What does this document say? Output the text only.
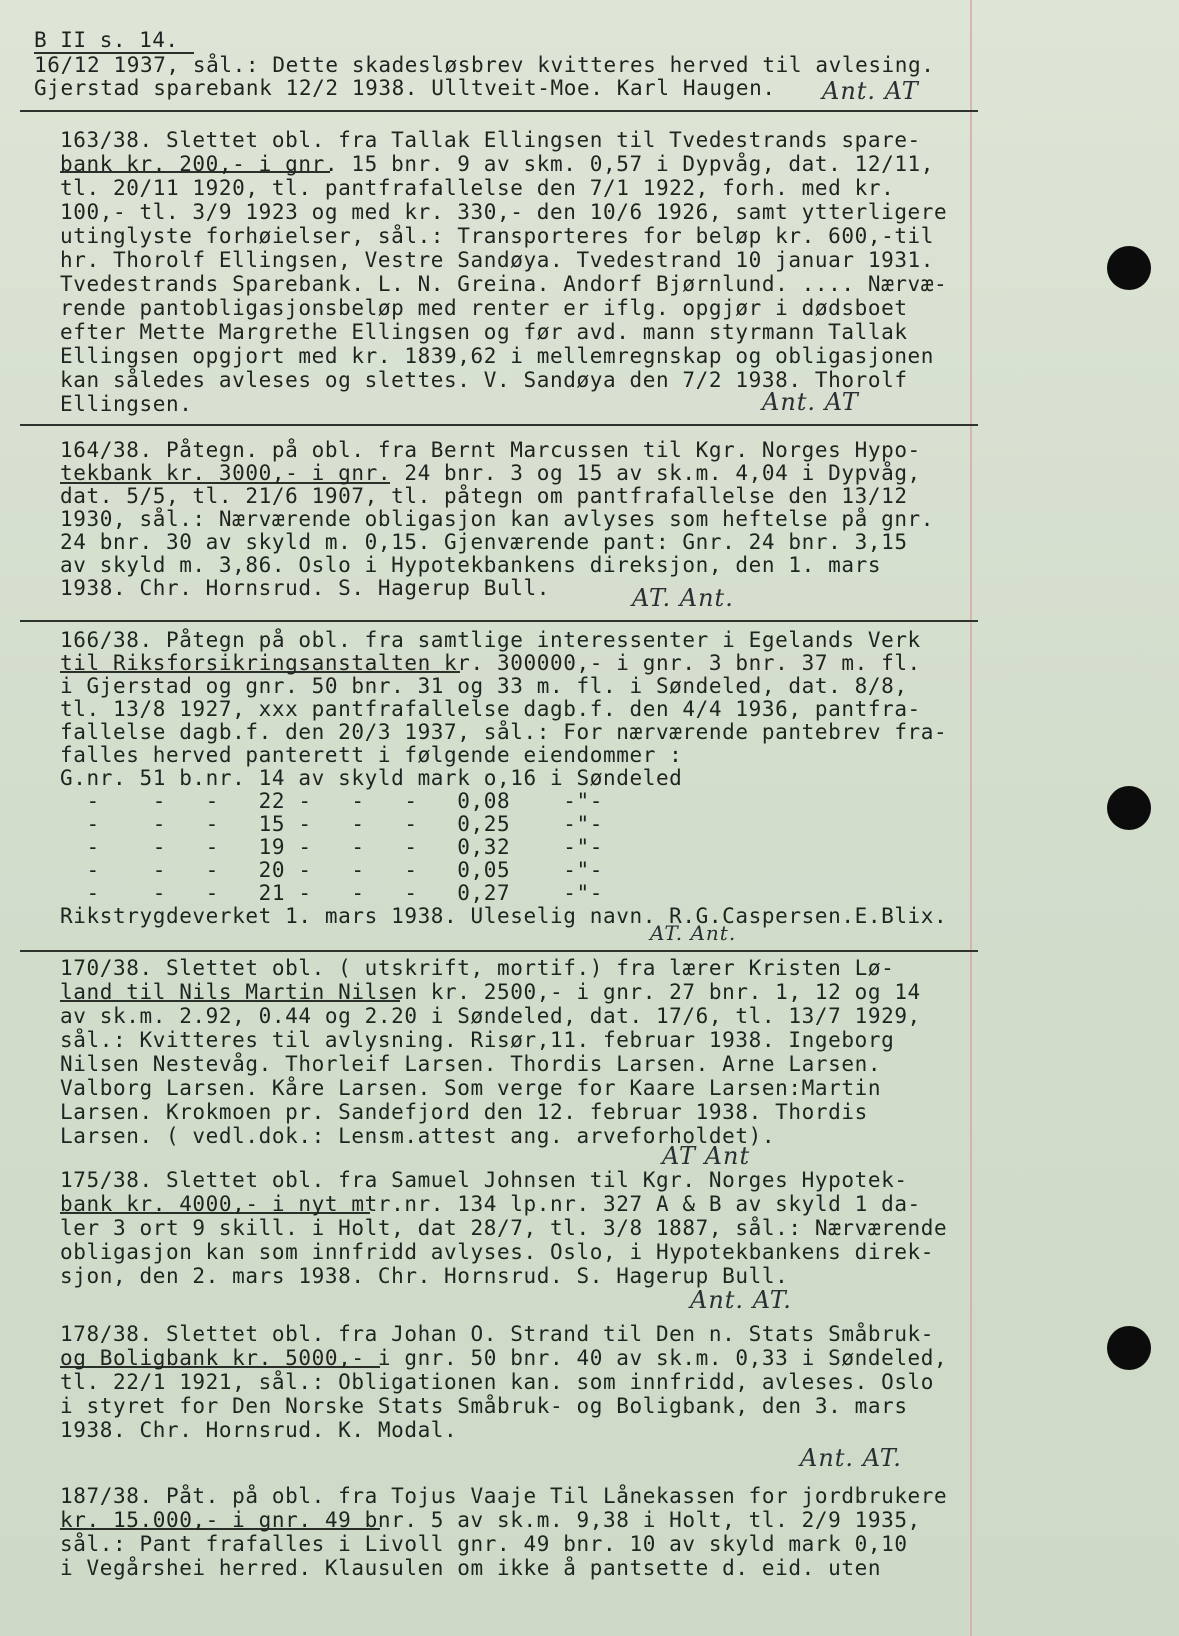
B II s. 14.
16/12 1937, sål.: Dette skadesløsbrev kvitteres herved til avlesing.
Gjerstad sparebank 12/2 1938. Ulltveit-Moe. Karl Haugen. Ant. AT
163/38. Slettet obl. fra Tallak Ellingsen til Tvedestrands spare-
bank kr. 200,- i gnr. 15 bnr. 9 av skm. 0,57 i Dypvåg, dat. 12/11,
tl. 20/11 1920, tl. pantfrafallelse den 7/1 1922, forh. med kr.
100,- tl. 3/9 1923 og med kr. 330,- den 10/6 1926, samt ytterligere
utinglyste forhøielser, sål.: Transporteres for beløp kr. 600,-til
hr. Thorolf Ellingsen, Vestre Sandøya. Tvedestrand 10 januar 1931.
Tvedestrands Sparebank. L. N. Greina. Andorf Bjørnlund. .... Nærvæ-
rende pantobligasjonsbeløp med renter er iflg. opgjør i dødsboet
efter Mette Margrethe Ellingsen og før avd. mann styrmann Tallak
Ellingsen opgjort med kr. 1839,62 i mellemregnskap og obligasjonen
kan således avleses og slettes. V. Sandøya den 7/2 1938. Thorolf
Ellingsen.	Ant. AT
164/38. Påtegn. på obl. fra Bernt Marcussen til Kgr. Norges Hypo-
tekbank kr. 3000,- i gnr. 24 bnr. 3 og 15 av sk.m. 4,04 i Dypvåg,
dat. 5/5, tl. 21/6 1907, tl. påtegn om pantfrafallelse den 13/12
1930, sål.: Nærværende obligasjon kan avlyses som heftelse på gnr.
24 bnr. 30 av skyld m. 0,15. Gjenværende pant: Gnr. 24 bnr. 3,15
av skyld m. 3,86. Oslo i Hypotekbankens direksjon, den 1. mars
1938. Chr. Hornsrud. S. Hagerup Bull.	AT. Ant.
166/38. Påtegn på obl. fra samtlige interessenter i Egelands Verk
til Riksforsikringsanstalten kr. 300000,- i gnr. 3 bnr. 37 m. fl.
i Gjerstad og gnr. 50 bnr. 31 og 33 m. fl. i Søndeled, dat. 8/8,
tl. 13/8 1927, xxx pantfrafallelse dagb.f. den 4/4 1936, pantfra-
fallelse dagb.f. den 20/3 1937, sål.: For nærværende pantebrev fra-
falles herved panterett i følgende eiendommer :
G.nr. 51 b.nr. 14 av skyld mark o,16 i Søndeled
-    -   -   22 -   -   -   0,08    -"-
-    -   -   15 -   -   -   0,25    -"-
-    -   -   19 -   -   -   0,32    -"-
-    -   -   20 -   -   -   0,05    -"-
-    -   -   21 -   -   -   0,27    -"-
Rikstrygdeverket 1. mars 1938. Uleselig navn. R.G.Caspersen.E.Blix.
AT. Ant.
170/38. Slettet obl. ( utskrift, mortif.) fra lærer Kristen Lø-
land til Nils Martin Nilsen kr. 2500,- i gnr. 27 bnr. 1, 12 og 14
av sk.m. 2.92, 0.44 og 2.20 i Søndeled, dat. 17/6, tl. 13/7 1929,
sål.: Kvitteres til avlysning. Risør,11. februar 1938. Ingeborg
Nilsen Nestevåg. Thorleif Larsen. Thordis Larsen. Arne Larsen.
Valborg Larsen. Kåre Larsen. Som verge for Kaare Larsen:Martin
Larsen. Krokmoen pr. Sandefjord den 12. februar 1938. Thordis
Larsen. ( vedl.dok.: Lensm.attest ang. arveforholdet).
AT Ant
175/38. Slettet obl. fra Samuel Johnsen til Kgr. Norges Hypotek-
bank kr. 4000,- i nyt mtr.nr. 134 lp.nr. 327 A & B av skyld 1 da-
ler 3 ort 9 skill. i Holt, dat 28/7, tl. 3/8 1887, sål.: Nærværende
obligasjon kan som innfridd avlyses. Oslo, i Hypotekbankens direk-
sjon, den 2. mars 1938. Chr. Hornsrud. S. Hagerup Bull.
Ant. AT.
178/38. Slettet obl. fra Johan O. Strand til Den n. Stats Småbruk-
og Boligbank kr. 5000,- i gnr. 50 bnr. 40 av sk.m. 0,33 i Søndeled,
tl. 22/1 1921, sål.: Obligationen kan. som innfridd, avleses. Oslo
i styret for Den Norske Stats Småbruk- og Boligbank, den 3. mars
1938. Chr. Hornsrud. K. Modal.
Ant. AT.
187/38. Påt. på obl. fra Tojus Vaaje Til Lånekassen for jordbrukere
kr. 15.000,- i gnr. 49 bnr. 5 av sk.m. 9,38 i Holt, tl. 2/9 1935,
sål.: Pant frafalles i Livoll gnr. 49 bnr. 10 av skyld mark 0,10
i Vegårshei herred. Klausulen om ikke å pantsette d. eid. uten
